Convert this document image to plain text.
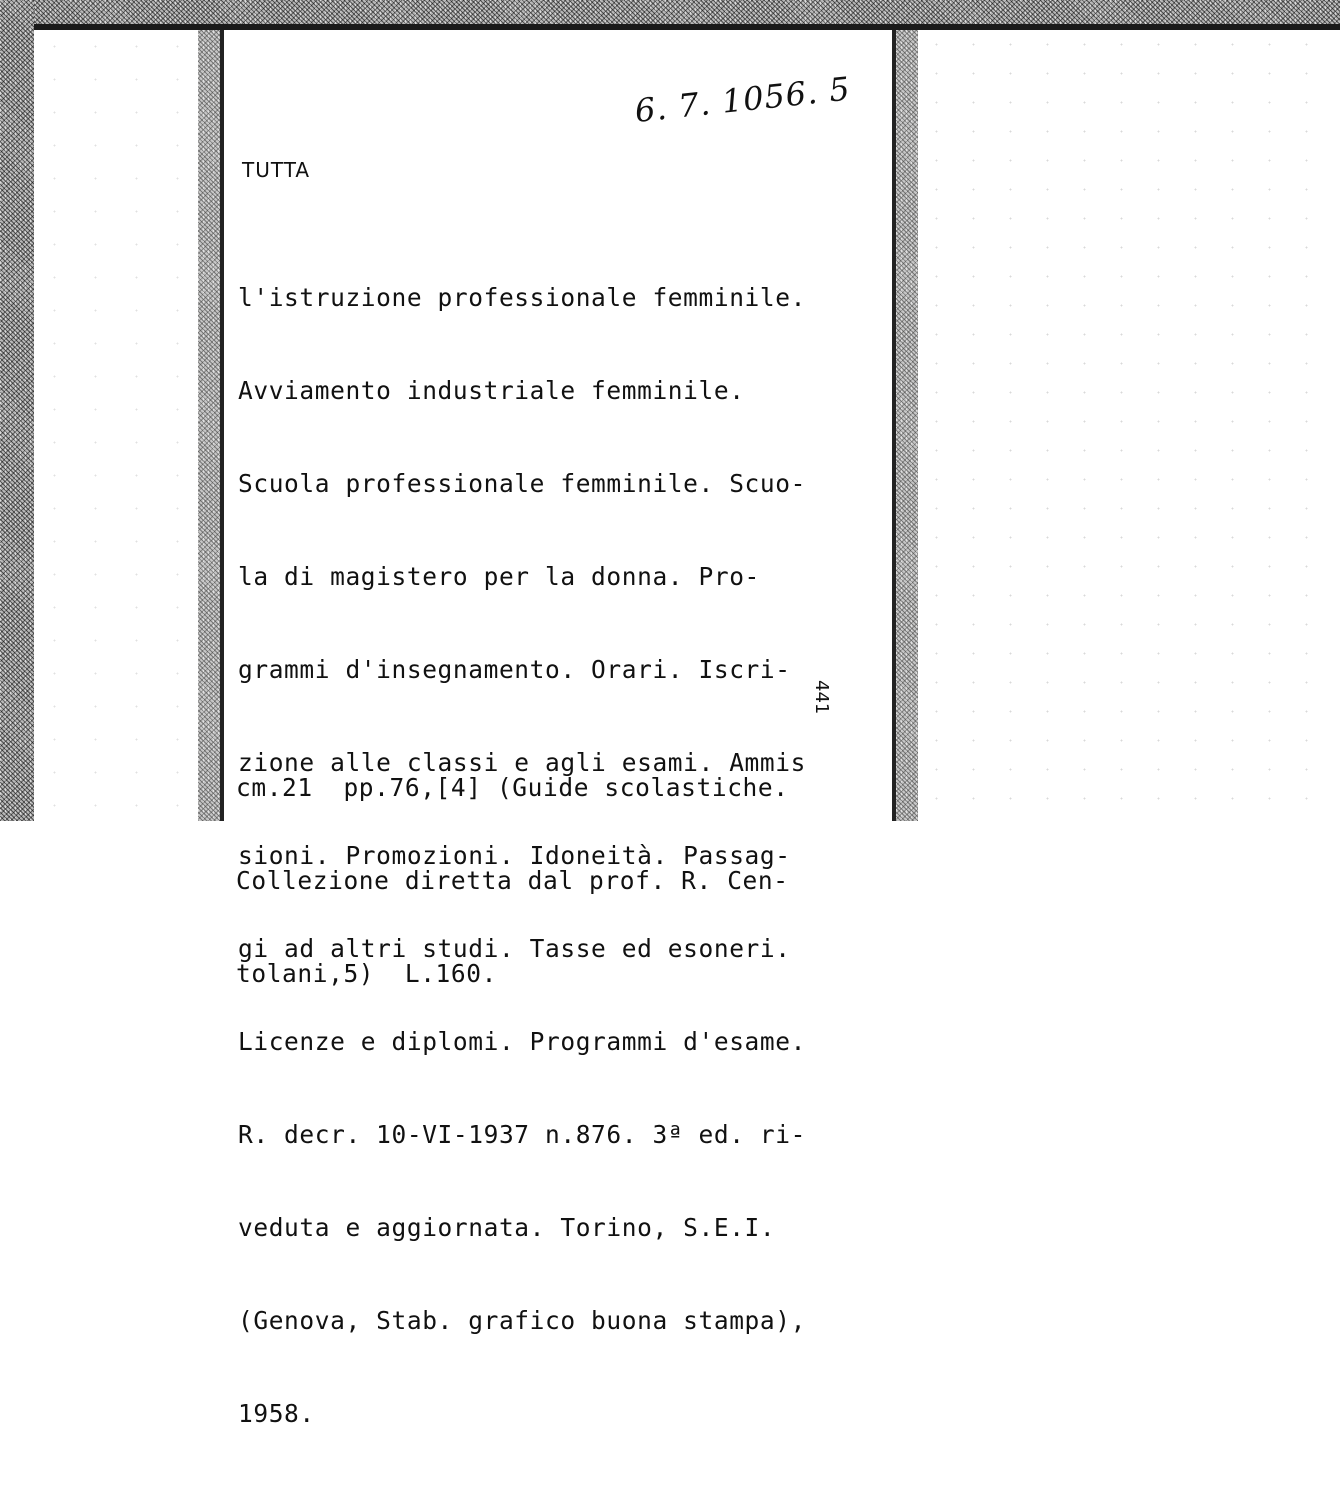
6. 7. 1056. 5
TUTTA

l'istruzione professionale femminile.

Avviamento industriale femminile.

Scuola professionale femminile. Scuo-

la di magistero per la donna. Pro-

grammi d'insegnamento. Orari. Iscri-

zione alle classi e agli esami. Ammis

sioni. Promozioni. Idoneità. Passag-

gi ad altri studi. Tasse ed esoneri.

Licenze e diplomi. Programmi d'esame.

R. decr. 10-VI-1937 n.876. 3ª ed. ri-

veduta e aggiornata. Torino, S.E.I.

(Genova, Stab. grafico buona stampa),

1958.

441

cm.21  pp.76,[4] (Guide scolastiche.

Collezione diretta dal prof. R. Cen-

tolani,5)  L.160.
